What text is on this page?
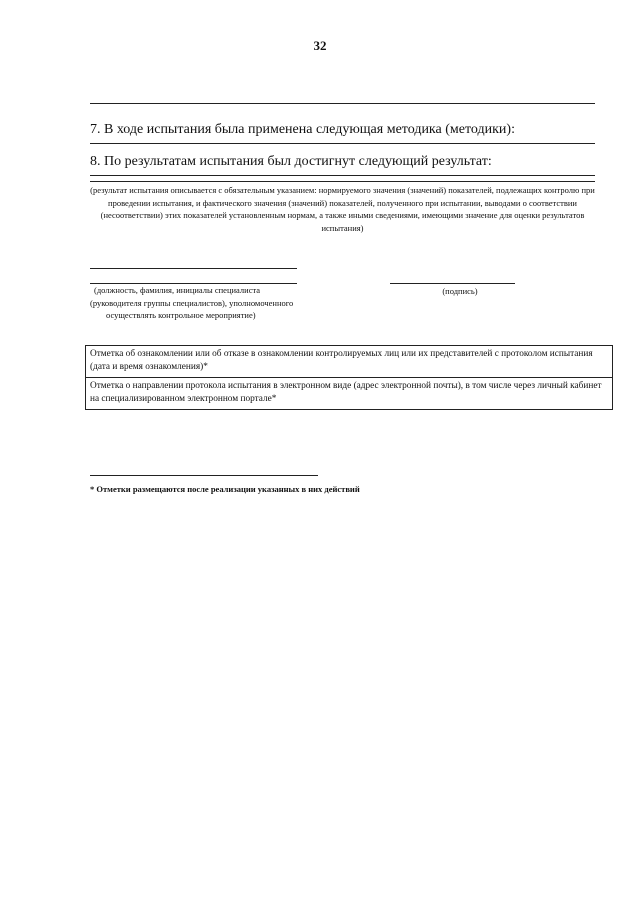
32
7. В ходе испытания была применена следующая методика (методики):
8. По результатам испытания был достигнут следующий результат:
(результат испытания описывается с обязательным указанием: нормируемого значения (значений) показателей, подлежащих контролю при проведении испытания, и фактического значения (значений) показателей, полученного при испытании, выводами о соответствии (несоответствии) этих показателей установленным нормам, а также иными сведениями, имеющими значение для оценки результатов испытания)
(должность, фамилия, инициалы специалиста
(руководителя группы специалистов), уполномоченного
осуществлять контрольное мероприятие)
(подпись)
Отметка об ознакомлении или об отказе в ознакомлении контролируемых лиц или их представителей с протоколом испытания (дата и время ознакомления)*
Отметка о направлении протокола испытания в электронном виде (адрес электронной почты), в том числе через личный кабинет на специализированном электронном портале*
* Отметки размещаются после реализации указанных в них действий
